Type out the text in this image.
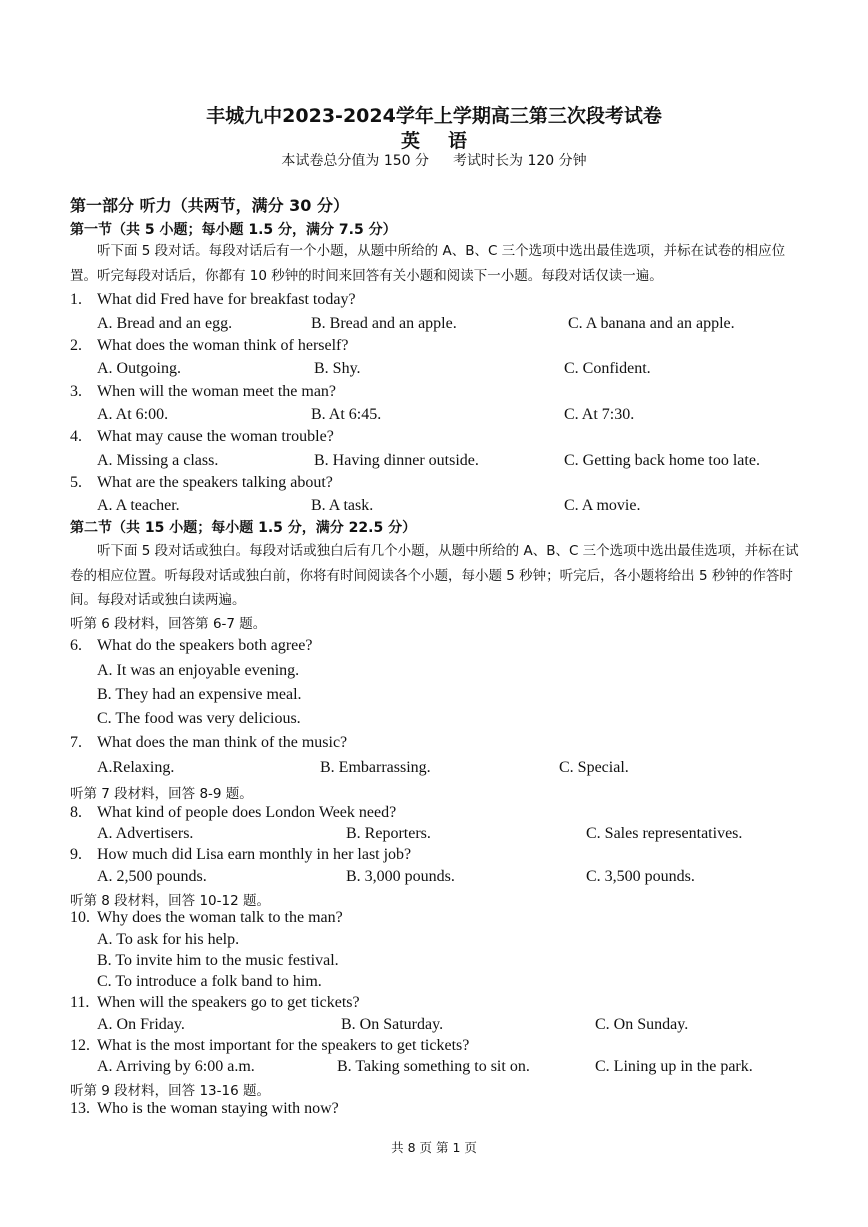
丰城九中2023-2024学年上学期高三第三次段考试卷
英语
本试卷总分值为 150 分 考试时长为 120 分钟
第一部分 听力（共两节，满分 30 分）
第一节（共 5 小题；每小题 1.5 分，满分 7.5 分）
听下面 5 段对话。每段对话后有一个小题，从题中所给的 A、B、C 三个选项中选出最佳选项，并标在试卷的相应位置。听完每段对话后，你都有 10 秒钟的时间来回答有关小题和阅读下一小题。每段对话仅读一遍。
1. What did Fred have for breakfast today?
A. Bread and an egg.	B. Bread and an apple.	C. A banana and an apple.
2. What does the woman think of herself?
A. Outgoing.	B. Shy.	C. Confident.
3. When will the woman meet the man?
A. At 6:00.	B. At 6:45.	C. At 7:30.
4. What may cause the woman trouble?
A. Missing a class.	B. Having dinner outside.	C. Getting back home too late.
5. What are the speakers talking about?
A. A teacher.	B. A task.	C. A movie.
第二节（共 15 小题；每小题 1.5 分，满分 22.5 分）
听下面 5 段对话或独白。每段对话或独白后有几个小题，从题中所给的 A、B、C 三个选项中选出最佳选项，并标在试卷的相应位置。听每段对话或独白前，你将有时间阅读各个小题，每小题 5 秒钟；听完后，各小题将给出 5 秒钟的作答时间。每段对话或独白读两遍。
听第 6 段材料，回答第 6-7 题。
6. What do the speakers both agree?
A. It was an enjoyable evening.
B. They had an expensive meal.
C. The food was very delicious.
7. What does the man think of the music?
A.Relaxing.	B. Embarrassing.	C. Special.
听第 7 段材料，回答 8-9 题。
8. What kind of people does London Week need?
A. Advertisers.	B. Reporters.	C. Sales representatives.
9. How much did Lisa earn monthly in her last job?
A. 2,500 pounds.	B. 3,000 pounds.	C. 3,500 pounds.
听第 8 段材料，回答 10-12 题。
10. Why does the woman talk to the man?
A. To ask for his help.
B. To invite him to the music festival.
C. To introduce a folk band to him.
11. When will the speakers go to get tickets?
A. On Friday.	B. On Saturday.	C. On Sunday.
12. What is the most important for the speakers to get tickets?
A. Arriving by 6:00 a.m.	B. Taking something to sit on.	C. Lining up in the park.
听第 9 段材料，回答 13-16 题。
13. Who is the woman staying with now?
共 8 页 第 1 页
